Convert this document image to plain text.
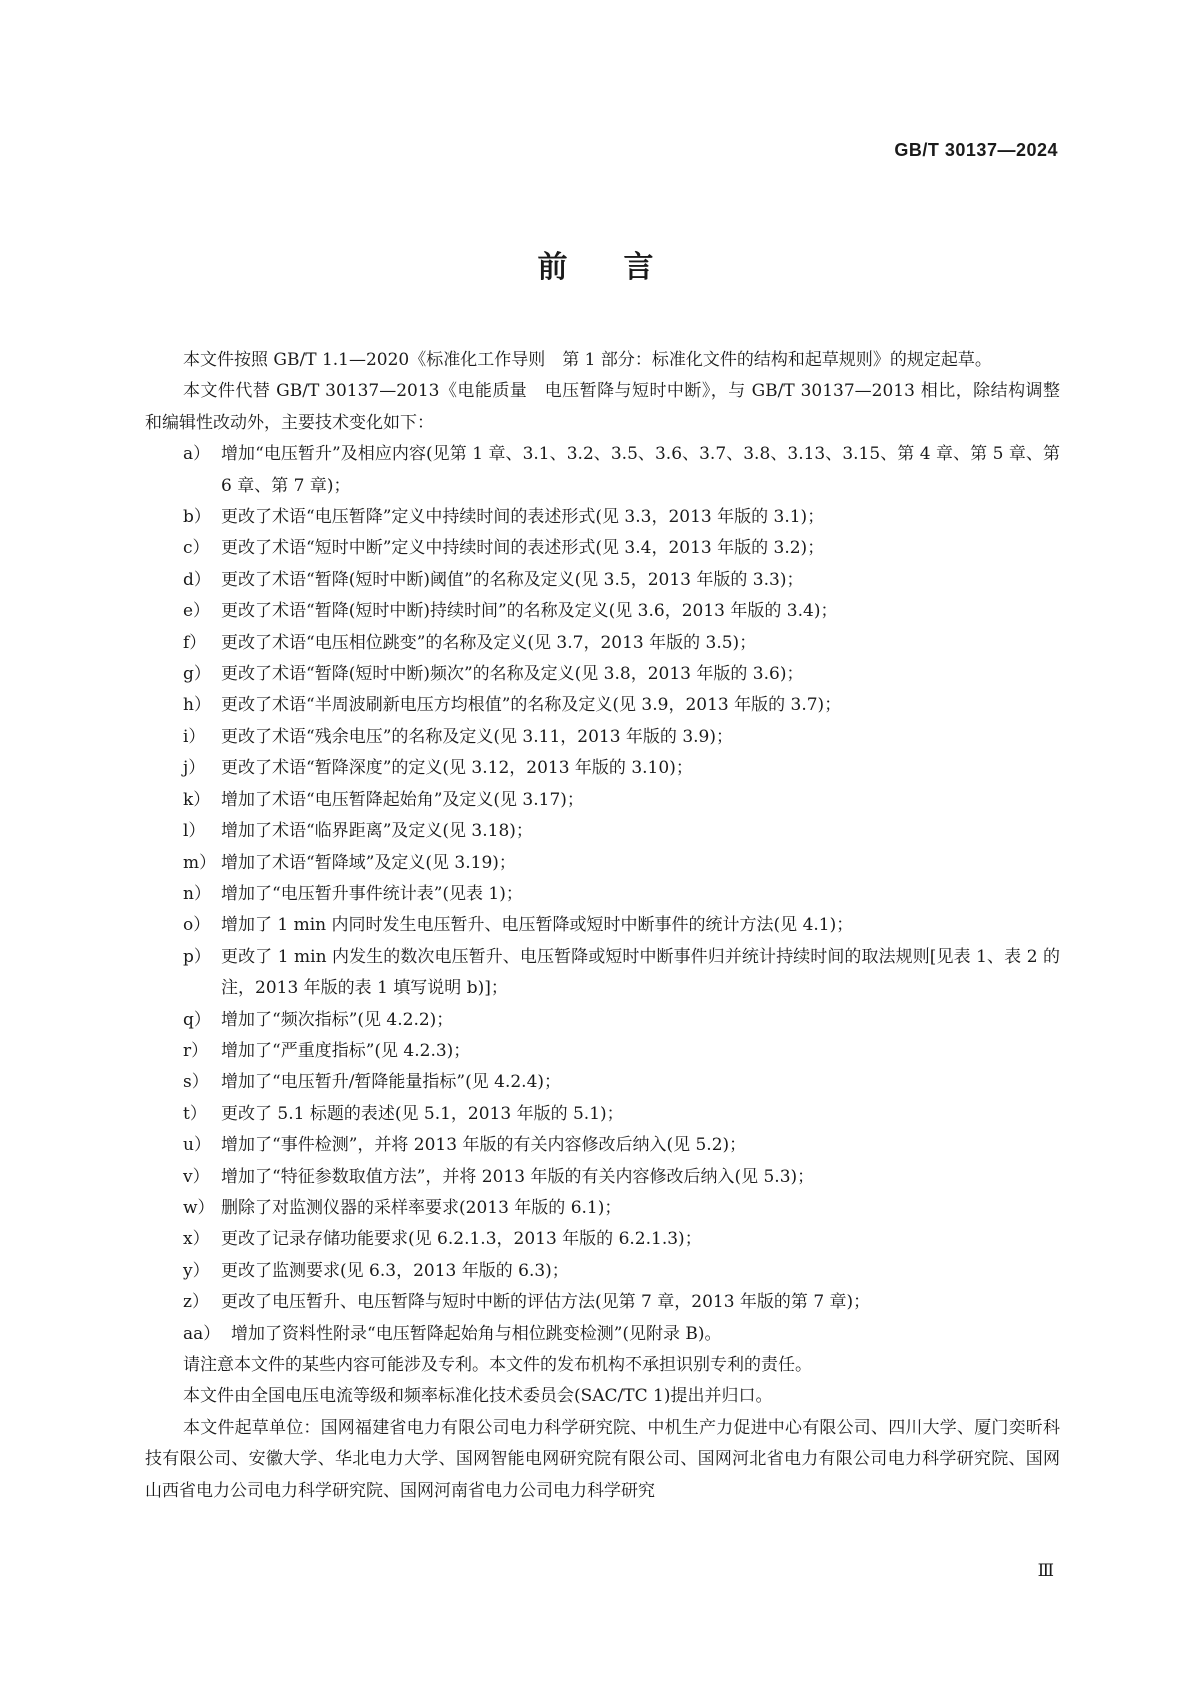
GB/T 30137—2024
前 言

本文件按照 GB/T 1.1—2020《标准化工作导则　第 1 部分：标准化文件的结构和起草规则》的规定起草。

本文件代替 GB/T 30137—2013《电能质量　电压暂降与短时中断》，与 GB/T 30137—2013 相比，除结构调整和编辑性改动外，主要技术变化如下：

a） 增加“电压暂升”及相应内容(见第 1 章、3.1、3.2、3.5、3.6、3.7、3.8、3.13、3.15、第 4 章、第 5 章、第 6 章、第 7 章)；
b） 更改了术语“电压暂降”定义中持续时间的表述形式(见 3.3，2013 年版的 3.1)；
c） 更改了术语“短时中断”定义中持续时间的表述形式(见 3.4，2013 年版的 3.2)；
d） 更改了术语“暂降(短时中断)阈值”的名称及定义(见 3.5，2013 年版的 3.3)；
e） 更改了术语“暂降(短时中断)持续时间”的名称及定义(见 3.6，2013 年版的 3.4)；
f） 更改了术语“电压相位跳变”的名称及定义(见 3.7，2013 年版的 3.5)；
g） 更改了术语“暂降(短时中断)频次”的名称及定义(见 3.8，2013 年版的 3.6)；
h） 更改了术语“半周波刷新电压方均根值”的名称及定义(见 3.9，2013 年版的 3.7)；
i） 更改了术语“残余电压”的名称及定义(见 3.11，2013 年版的 3.9)；
j） 更改了术语“暂降深度”的定义(见 3.12，2013 年版的 3.10)；
k） 增加了术语“电压暂降起始角”及定义(见 3.17)；
l） 增加了术语“临界距离”及定义(见 3.18)；
m） 增加了术语“暂降域”及定义(见 3.19)；
n） 增加了“电压暂升事件统计表”(见表 1)；
o） 增加了 1 min 内同时发生电压暂升、电压暂降或短时中断事件的统计方法(见 4.1)；
p） 更改了 1 min 内发生的数次电压暂升、电压暂降或短时中断事件归并统计持续时间的取法规则[见表 1、表 2 的注，2013 年版的表 1 填写说明 b)]；
q） 增加了“频次指标”(见 4.2.2)；
r） 增加了“严重度指标”(见 4.2.3)；
s） 增加了“电压暂升/暂降能量指标”(见 4.2.4)；
t） 更改了 5.1 标题的表述(见 5.1，2013 年版的 5.1)；
u） 增加了“事件检测”，并将 2013 年版的有关内容修改后纳入(见 5.2)；
v） 增加了“特征参数取值方法”，并将 2013 年版的有关内容修改后纳入(见 5.3)；
w） 删除了对监测仪器的采样率要求(2013 年版的 6.1)；
x） 更改了记录存储功能要求(见 6.2.1.3，2013 年版的 6.2.1.3)；
y） 更改了监测要求(见 6.3，2013 年版的 6.3)；
z） 更改了电压暂升、电压暂降与短时中断的评估方法(见第 7 章，2013 年版的第 7 章)；
aa） 增加了资料性附录“电压暂降起始角与相位跳变检测”(见附录 B)。

请注意本文件的某些内容可能涉及专利。本文件的发布机构不承担识别专利的责任。

本文件由全国电压电流等级和频率标准化技术委员会(SAC/TC 1)提出并归口。

本文件起草单位：国网福建省电力有限公司电力科学研究院、中机生产力促进中心有限公司、四川大学、厦门奕昕科技有限公司、安徽大学、华北电力大学、国网智能电网研究院有限公司、国网河北省电力有限公司电力科学研究院、国网山西省电力公司电力科学研究院、国网河南省电力公司电力科学研究

Ⅲ
